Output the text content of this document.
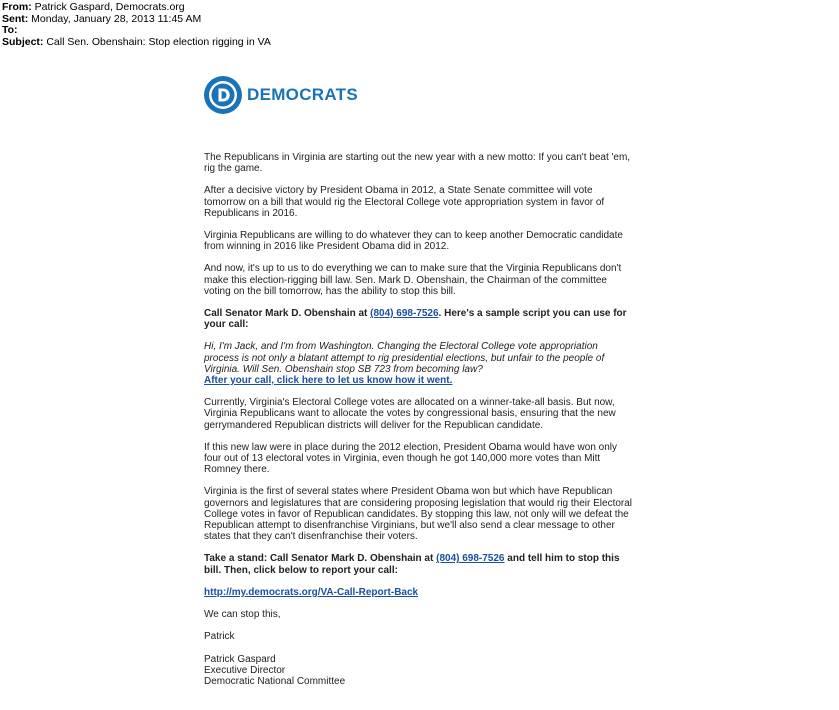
From: Patrick Gaspard, Democrats.org
Sent: Monday, January 28, 2013 11:45 AM
To:
Subject: Call Sen. Obenshain: Stop election rigging in VA
DEMOCRATS

The Republicans in Virginia are starting out the new year with a new motto: If you can't beat 'em, rig the game.

After a decisive victory by President Obama in 2012, a State Senate committee will vote tomorrow on a bill that would rig the Electoral College vote appropriation system in favor of Republicans in 2016.

Virginia Republicans are willing to do whatever they can to keep another Democratic candidate from winning in 2016 like President Obama did in 2012.

And now, it's up to us to do everything we can to make sure that the Virginia Republicans don't make this election-rigging bill law. Sen. Mark D. Obenshain, the Chairman of the committee voting on the bill tomorrow, has the ability to stop this bill.

Call Senator Mark D. Obenshain at (804) 698-7526. Here's a sample script you can use for your call:

Hi, I'm Jack, and I'm from Washington. Changing the Electoral College vote appropriation process is not only a blatant attempt to rig presidential elections, but unfair to the people of Virginia. Will Sen. Obenshain stop SB 723 from becoming law?
After your call, click here to let us know how it went.

Currently, Virginia's Electoral College votes are allocated on a winner-take-all basis. But now, Virginia Republicans want to allocate the votes by congressional basis, ensuring that the new gerrymandered Republican districts will deliver for the Republican candidate.

If this new law were in place during the 2012 election, President Obama would have won only four out of 13 electoral votes in Virginia, even though he got 140,000 more votes than Mitt Romney there.

Virginia is the first of several states where President Obama won but which have Republican governors and legislatures that are considering proposing legislation that would rig their Electoral College votes in favor of Republican candidates. By stopping this law, not only will we defeat the Republican attempt to disenfranchise Virginians, but we'll also send a clear message to other states that they can't disenfranchise their voters.

Take a stand: Call Senator Mark D. Obenshain at (804) 698-7526 and tell him to stop this bill. Then, click below to report your call:

http://my.democrats.org/VA-Call-Report-Back

We can stop this,

Patrick

Patrick Gaspard
Executive Director
Democratic National Committee
